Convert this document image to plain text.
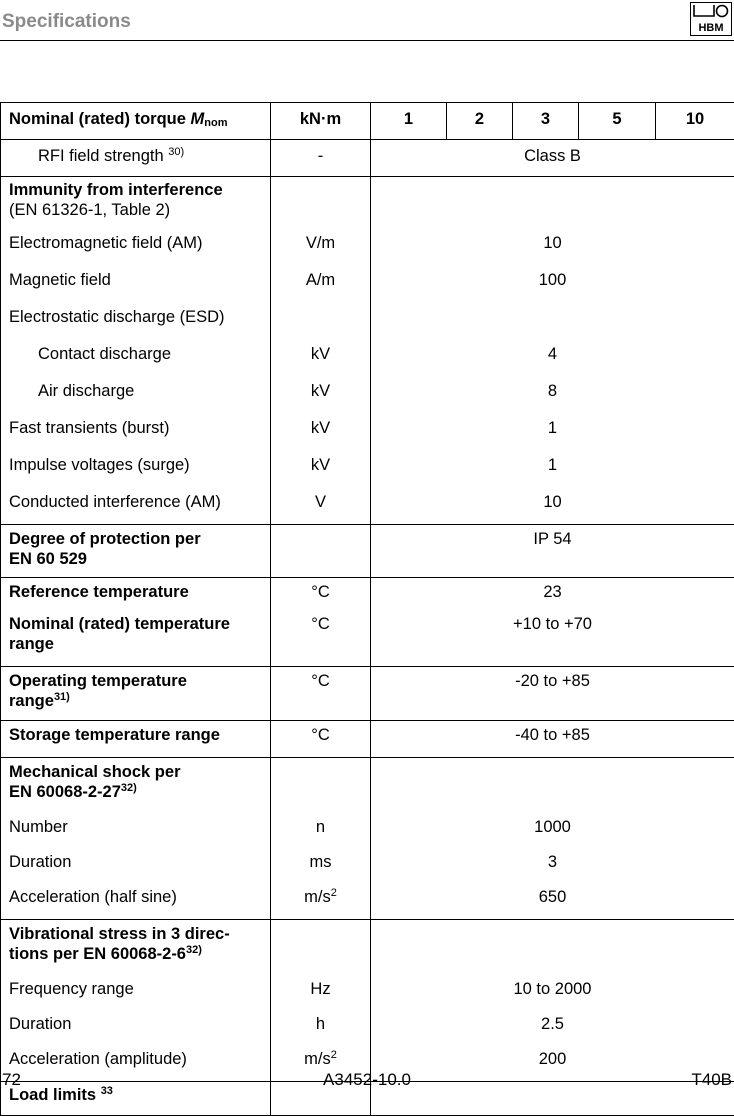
Specifications	HBM
Nominal (rated) torque $M_{nom}$	kN·m	1	2	3	5	10
RFI field strength $^{30)}$	-	Class B				

Immunity from interference
(EN 61326-1, Table 2)						

Electromagnetic field (AM)	V/m	10				
Magnetic field	A/m	100				
Electrostatic discharge (ESD)						
Contact discharge	kV	4				
Air discharge	kV	8				
Fast transients (burst)	kV	1				
Impulse voltages (surge)	kV	1				
Conducted interference (AM)	V	10				

Degree of protection per
EN 60 529		IP 54				
Reference temperature	°C	23				
Nominal (rated) temperature range	°C	+10 to +70				

Operating temperature
range$^{31)}$	°C	-20 to +85				
Storage temperature range	°C	-40 to +85				

Mechanical shock per
EN 60068-2-27$^{32)}$

Number	n	1000				
Duration	ms	3				
Acceleration (half sine)	$m/s^2$	650				

Vibrational stress in 3 direc-
tions per EN 60068-2-6$^{32)}$

Frequency range	Hz	10 to 2000				
Duration	h	2.5				
Acceleration (amplitude)	$m/s^2$	200				
Load limits $^{33}$		
72	A3452-10.0	T40B
